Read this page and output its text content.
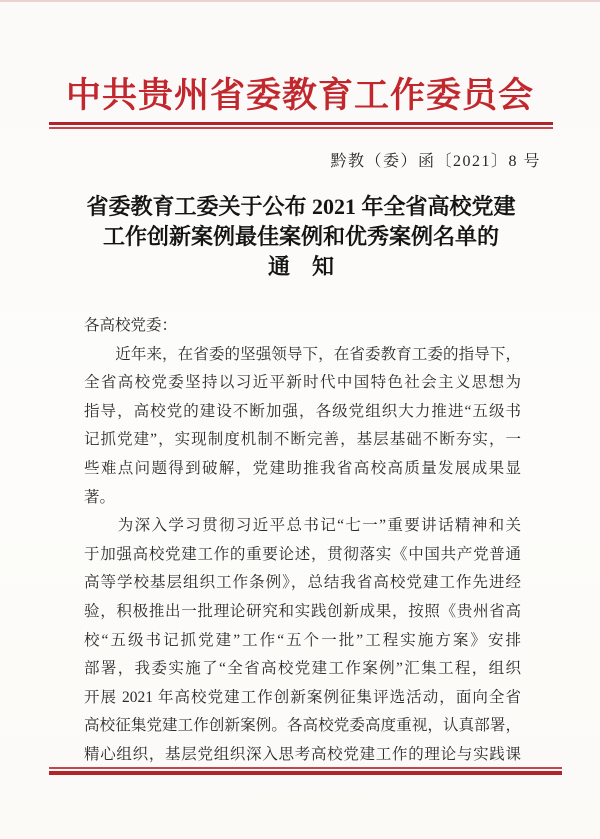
中共贵州省委教育工作委员会
黔教（委）函〔2021〕8 号
省委教育工委关于公布 2021 年全省高校党建
工作创新案例最佳案例和优秀案例名单的
通　知
各高校党委：
　　近年来，在省委的坚强领导下，在省委教育工委的指导下，
全省高校党委坚持以习近平新时代中国特色社会主义思想为
指导，高校党的建设不断加强，各级党组织大力推进“五级书
记抓党建”，实现制度机制不断完善，基层基础不断夯实，一
些难点问题得到破解，党建助推我省高校高质量发展成果显
著。
　　为深入学习贯彻习近平总书记“七一”重要讲话精神和关
于加强高校党建工作的重要论述，贯彻落实《中国共产党普通
高等学校基层组织工作条例》，总结我省高校党建工作先进经
验，积极推出一批理论研究和实践创新成果，按照《贵州省高
校“五级书记抓党建”工作“五个一批”工程实施方案》安排
部署，我委实施了“全省高校党建工作案例”汇集工程，组织
开展 2021 年高校党建工作创新案例征集评选活动，面向全省
高校征集党建工作创新案例。各高校党委高度重视，认真部署，
精心组织，基层党组织深入思考高校党建工作的理论与实践课
